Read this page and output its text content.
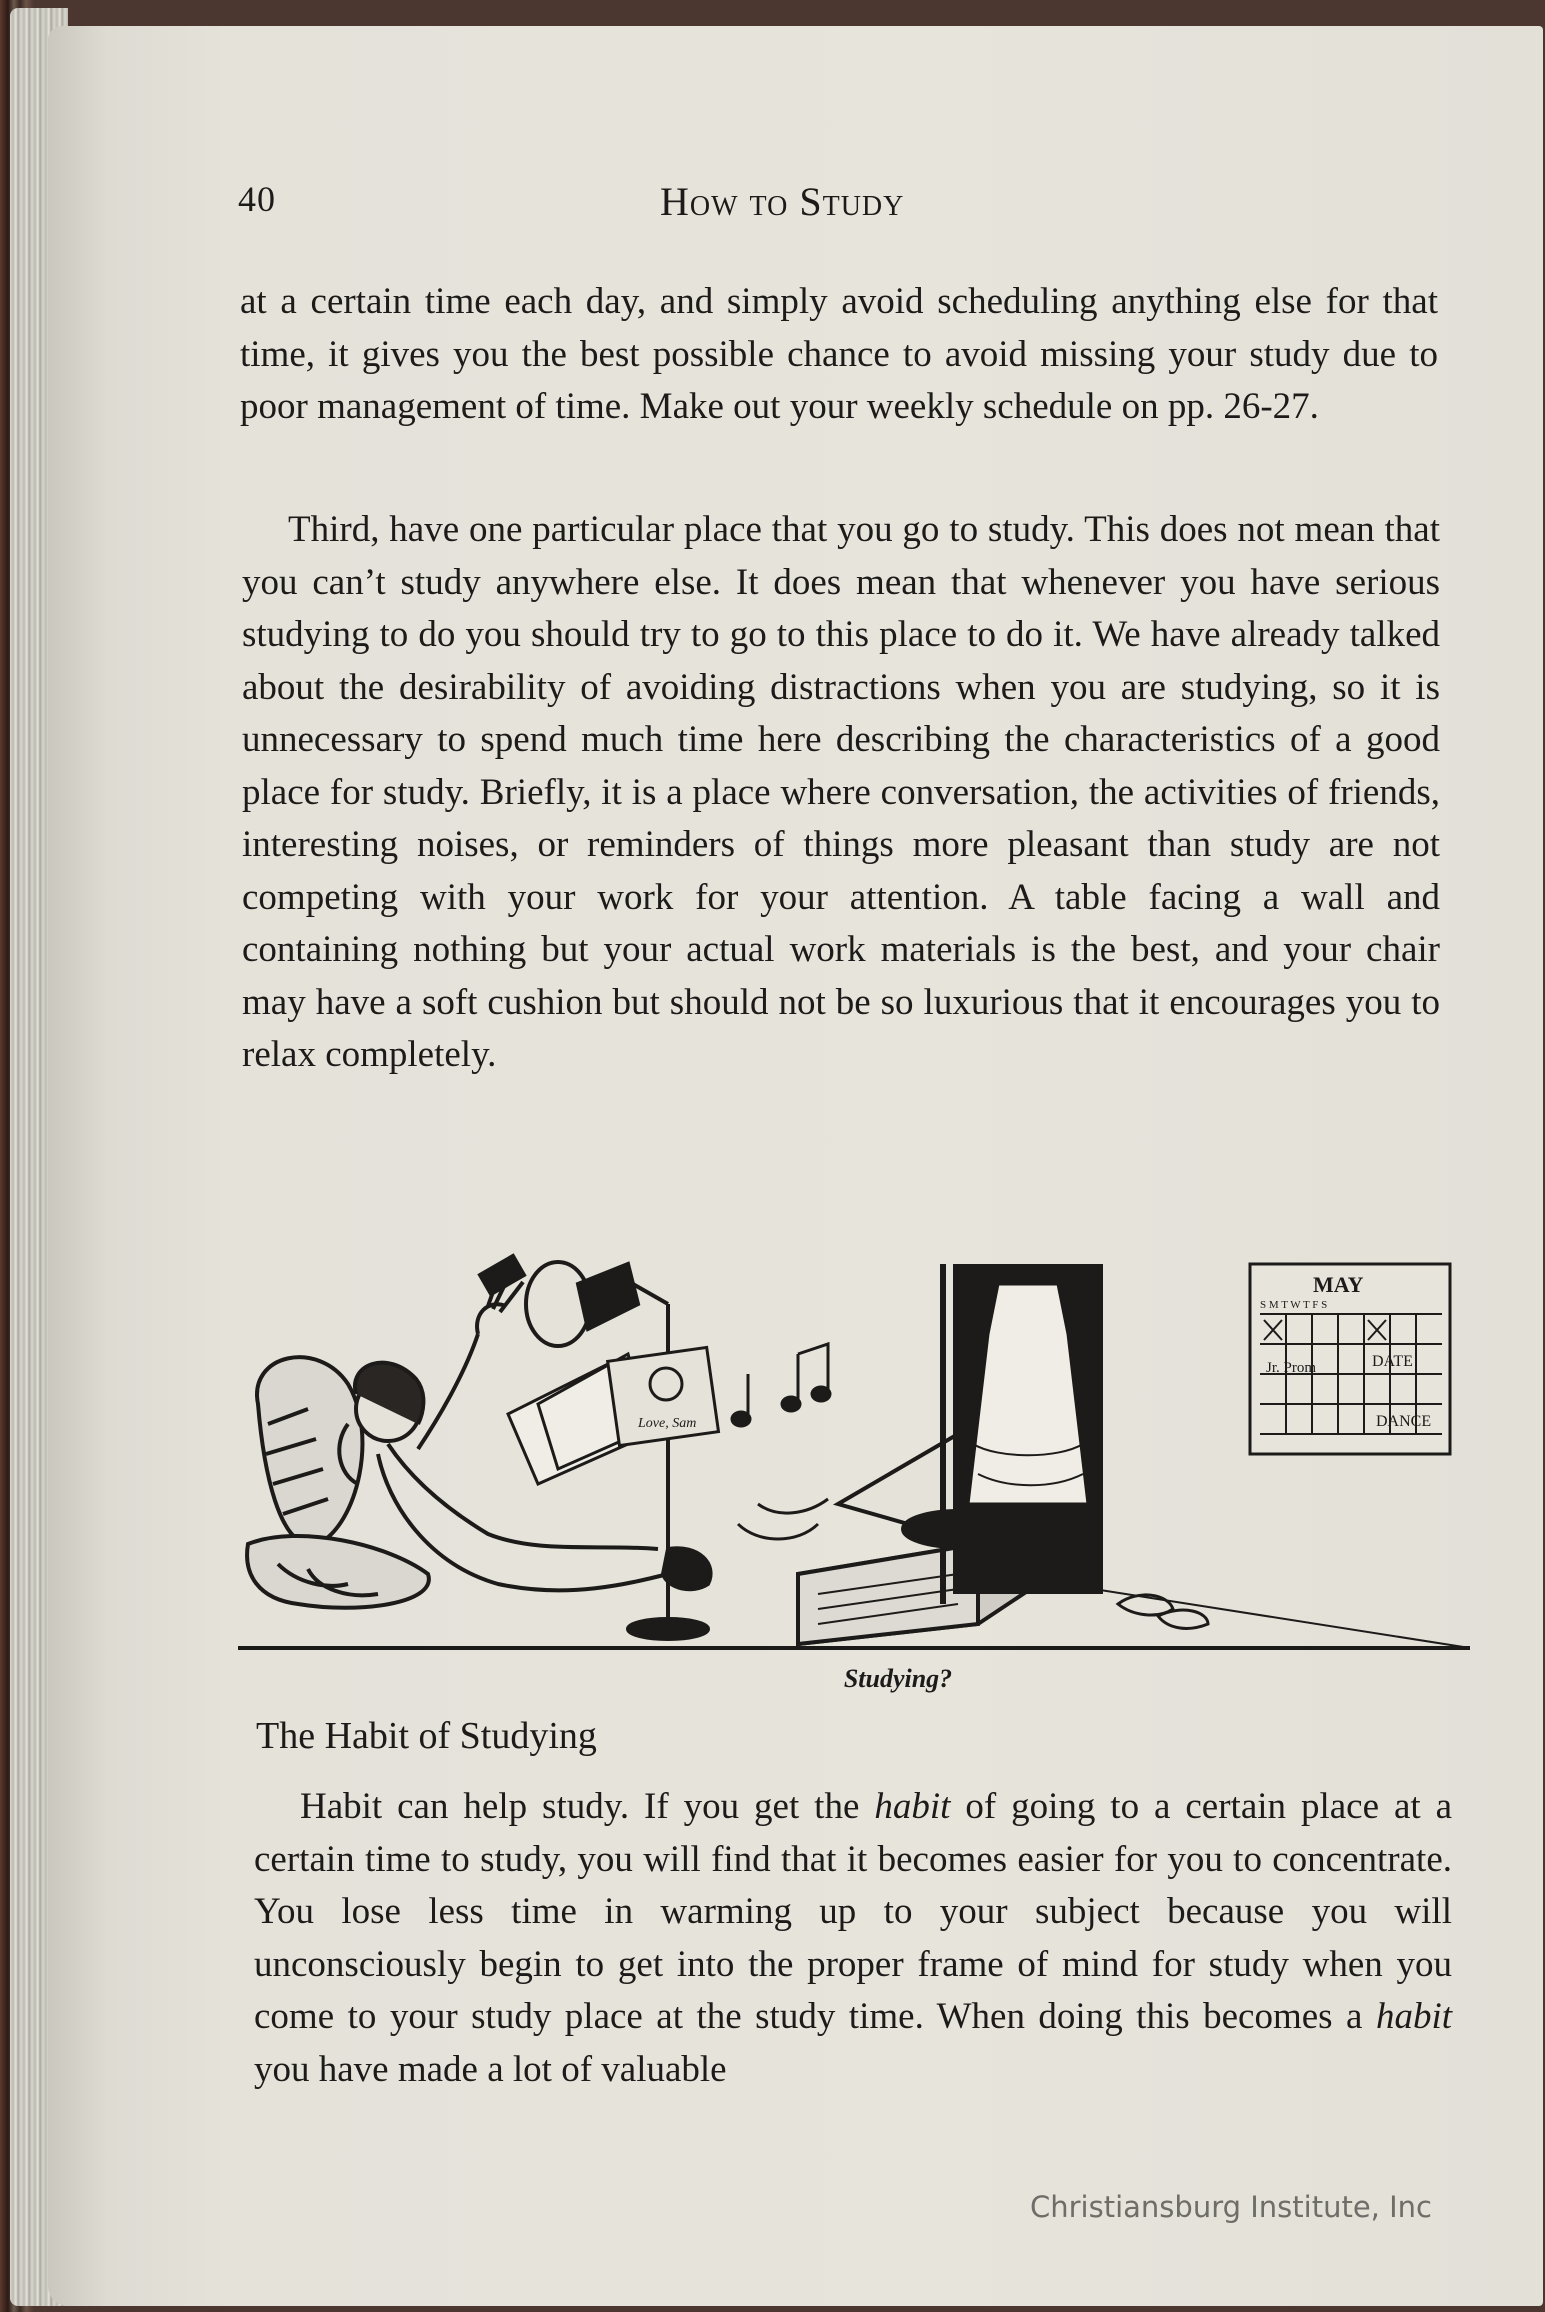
40	How to Study

at a certain time each day, and simply avoid scheduling anything else for that time, it gives you the best possible chance to avoid missing your study due to poor management of time. Make out your weekly schedule on pp. 26-27.

Third, have one particular place that you go to study. This does not mean that you can’t study anywhere else. It does mean that whenever you have serious studying to do you should try to go to this place to do it. We have already talked about the desirability of avoiding distractions when you are studying, so it is unnecessary to spend much time here describing the characteristics of a good place for study. Briefly, it is a place where conversation, the activities of friends, interesting noises, or reminders of things more pleasant than study are not competing with your work for your attention. A table facing a wall and containing nothing but your actual work materials is the best, and your chair may have a soft cushion but should not be so luxurious that it encourages you to relax completely.

Love, Sam
MAY
S M T W T F S
DATE
Jr. Prom
DANCE
Studying?
The Habit of Studying

Habit can help study. If you get the habit of going to a certain place at a certain time to study, you will find that it becomes easier for you to concentrate. You lose less time in warming up to your subject because you will unconsciously begin to get into the proper frame of mind for study when you come to your study place at the study time. When doing this becomes a habit you have made a lot of valuable

Christiansburg Institute, Inc
